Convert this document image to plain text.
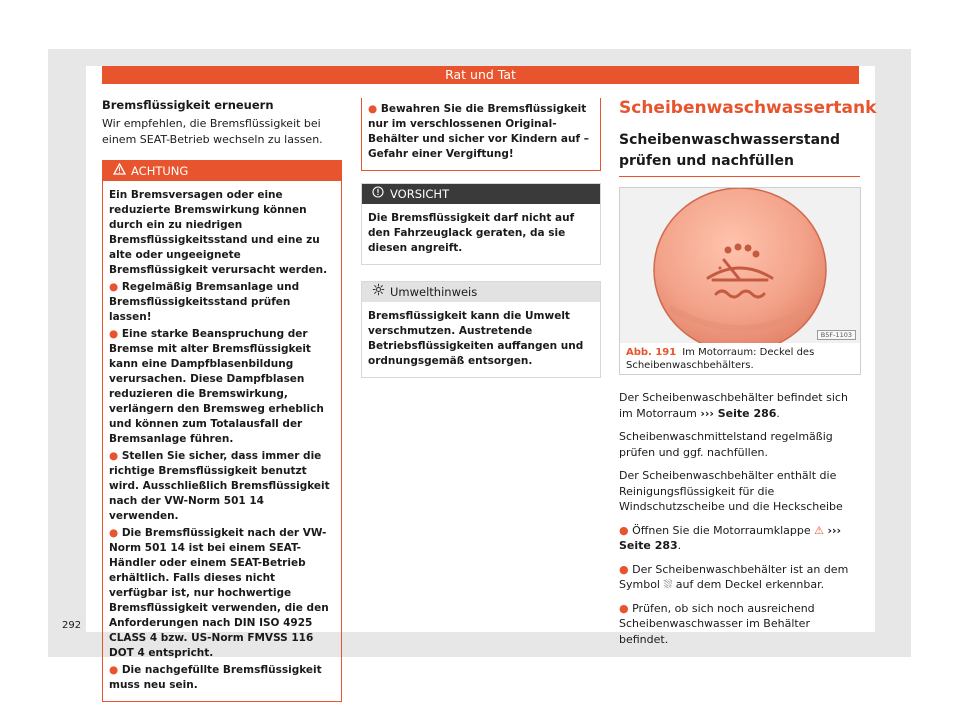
Rat und Tat
Bremsflüssigkeit erneuern

Wir empfehlen, die Bremsflüssigkeit bei einem SEAT-Betrieb wechseln zu lassen.

ACHTUNG
Ein Bremsversagen oder eine reduzierte Bremswirkung können durch ein zu niedrigen Bremsflüssigkeitsstand und eine zu alte oder ungeeignete Bremsflüssigkeit verursacht werden.
● Regelmäßig Bremsanlage und Bremsflüssigkeitsstand prüfen lassen!
● Eine starke Beanspruchung der Bremse mit alter Bremsflüssigkeit kann eine Dampfblasenbildung verursachen. Diese Dampfblasen reduzieren die Bremswirkung, verlängern den Bremsweg erheblich und können zum Totalausfall der Bremsanlage führen.
● Stellen Sie sicher, dass immer die richtige Bremsflüssigkeit benutzt wird. Ausschließlich Bremsflüssigkeit nach der VW-Norm 501 14 verwenden.
● Die Bremsflüssigkeit nach der VW-Norm 501 14 ist bei einem SEAT-Händler oder einem SEAT-Betrieb erhältlich. Falls dieses nicht verfügbar ist, nur hochwertige Bremsflüssigkeit verwenden, die den Anforderungen nach DIN ISO 4925 CLASS 4 bzw. US-Norm FMVSS 116 DOT 4 entspricht.
● Die nachgefüllte Bremsflüssigkeit muss neu sein.
● Bewahren Sie die Bremsflüssigkeit nur im verschlossenen Original-Behälter und sicher vor Kindern auf – Gefahr einer Vergiftung!
VORSICHT
Die Bremsflüssigkeit darf nicht auf den Fahrzeuglack geraten, da sie diesen angreift.
Umwelthinweis
Bremsflüssigkeit kann die Umwelt verschmutzen. Austretende Betriebsflüssigkeiten auffangen und ordnungsgemäß entsorgen.
Scheibenwaschwassertank
Scheibenwaschwasserstand prüfen und nachfüllen
B5F-1103
Abb. 191 Im Motorraum: Deckel des Scheibenwaschbehälters.

Der Scheibenwaschbehälter befindet sich im Motorraum ››› Seite 286.

Scheibenwaschmittelstand regelmäßig prüfen und ggf. nachfüllen.

Der Scheibenwaschbehälter enthält die Reinigungsflüssigkeit für die Windschutzscheibe und die Heckscheibe

● Öffnen Sie die Motorraumklappe ⚠ ››› Seite 283.

● Der Scheibenwaschbehälter ist an dem Symbol ⛆ auf dem Deckel erkennbar.

● Prüfen, ob sich noch ausreichend Scheibenwaschwasser im Behälter befindet.

292
